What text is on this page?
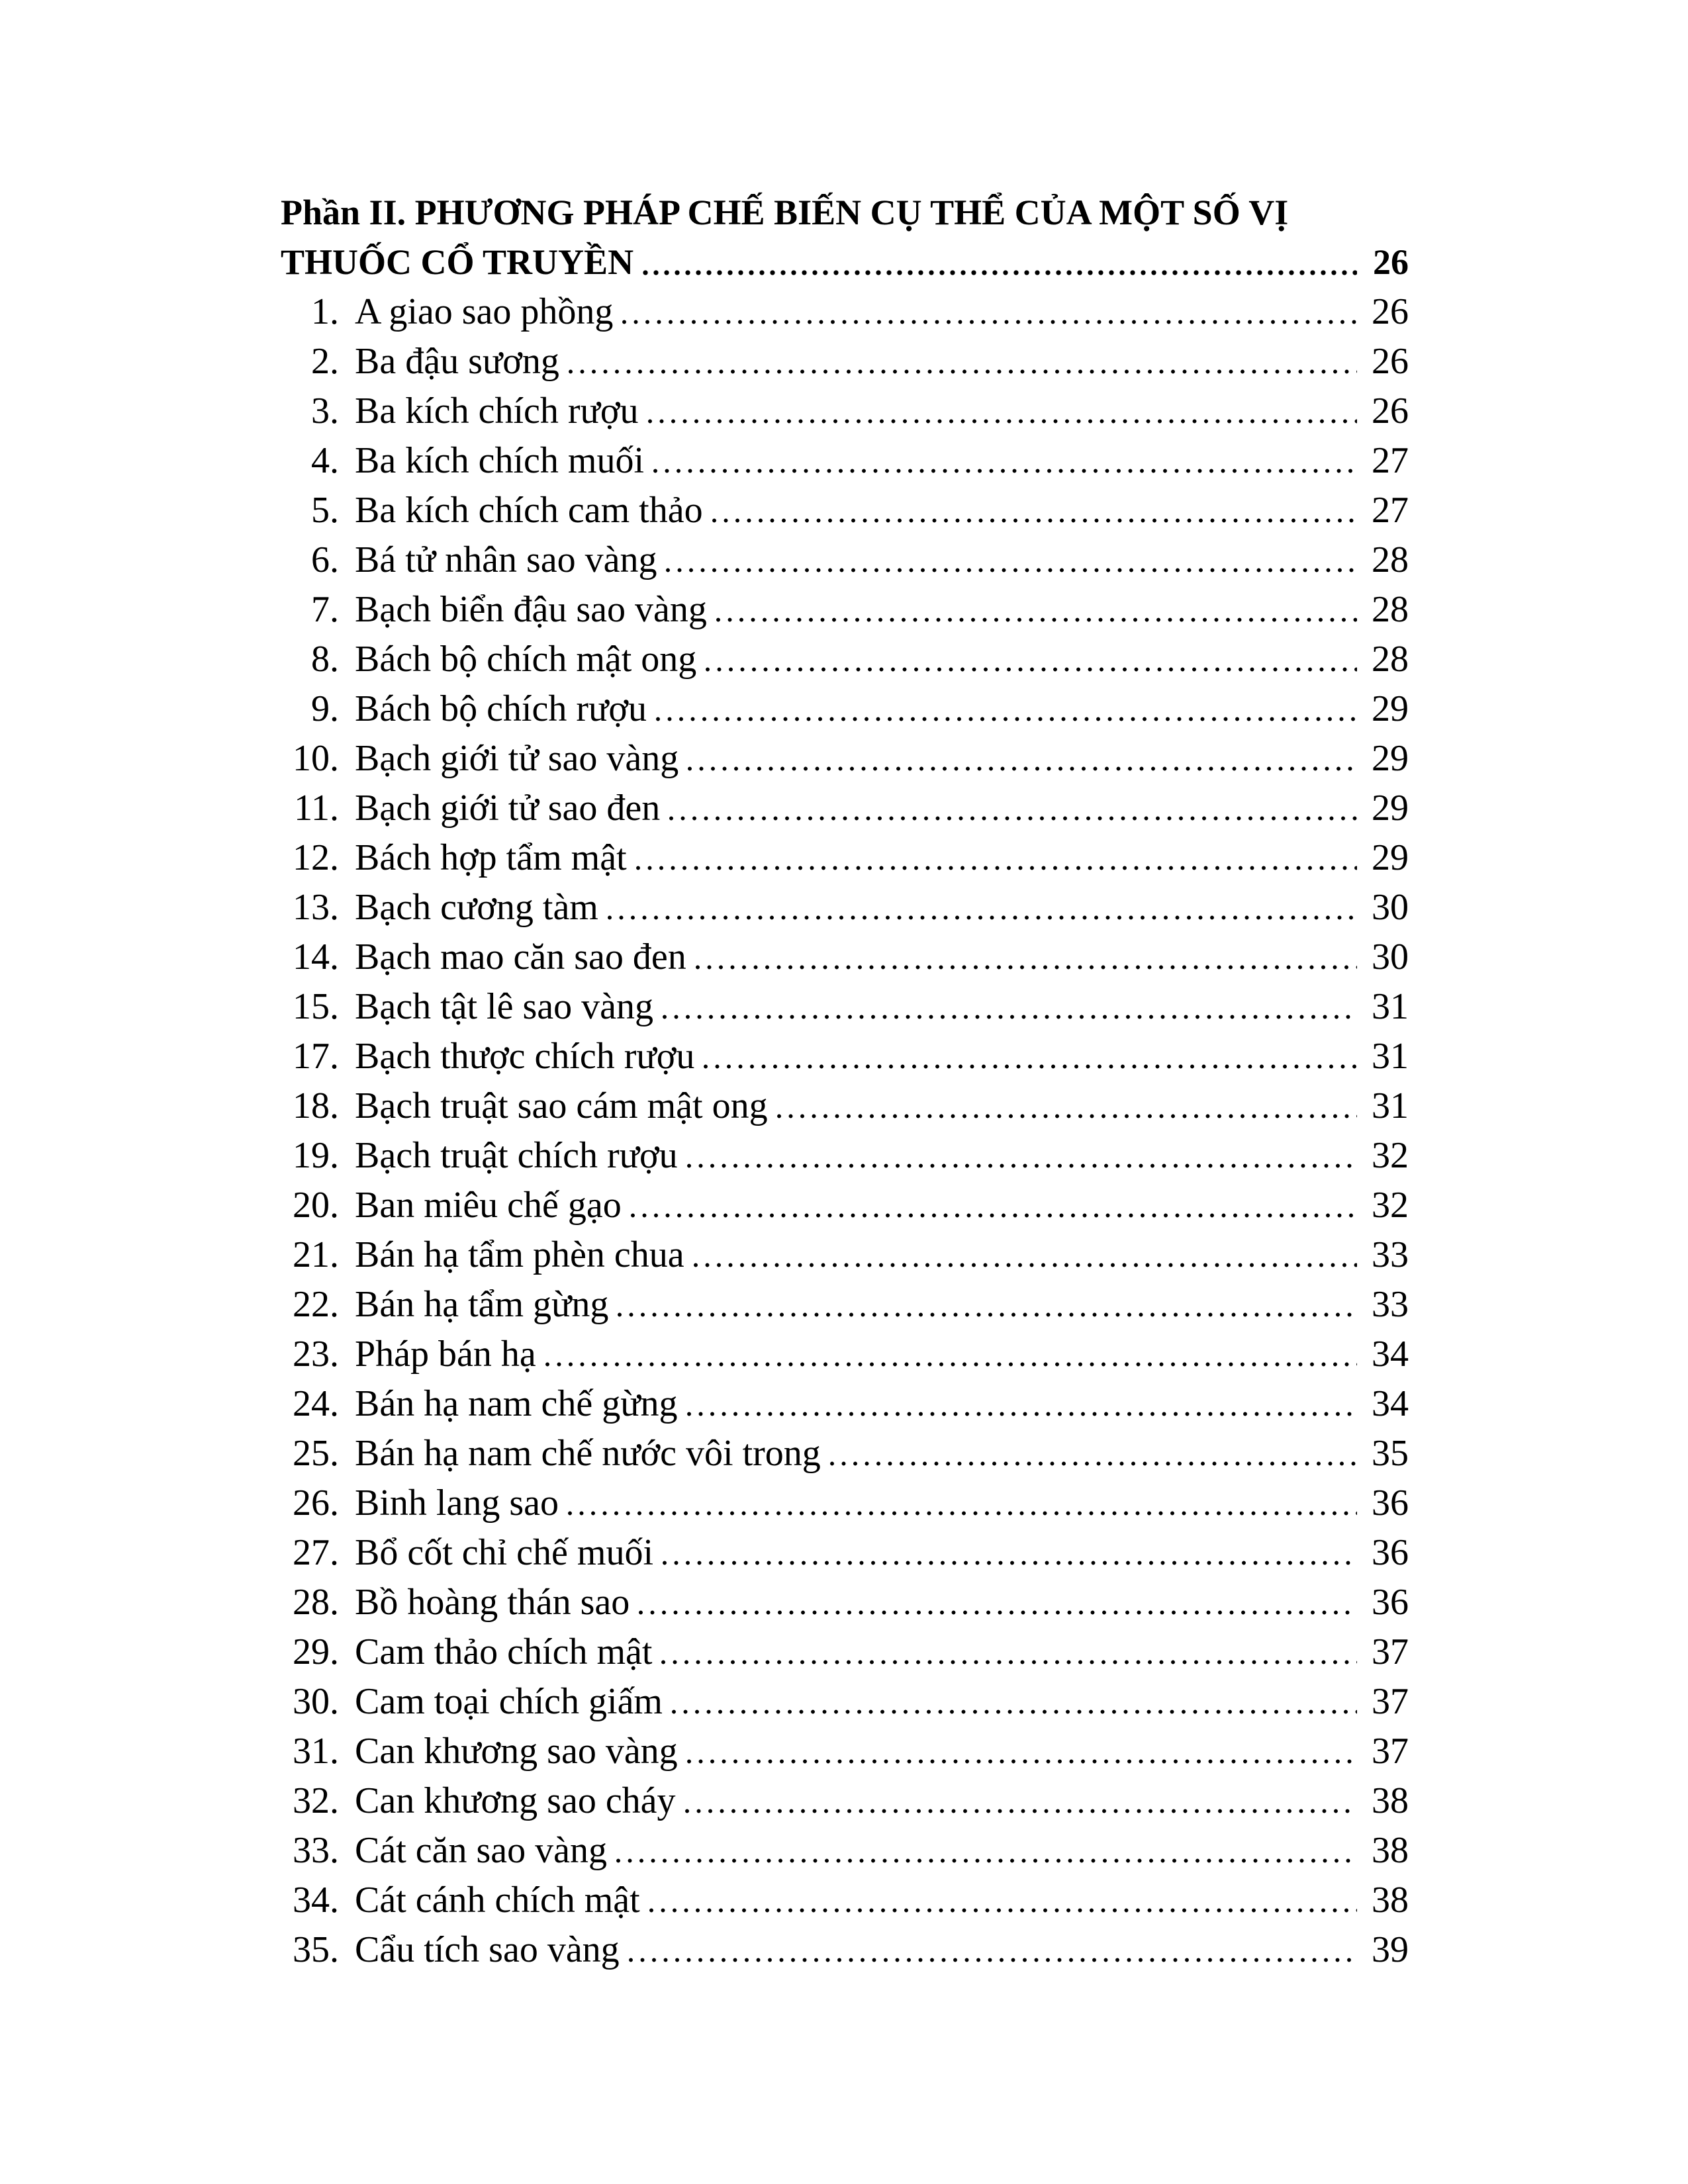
Phần II. PHƯƠNG PHÁP CHẾ BIẾN CỤ THỂ CỦA MỘT SỐ VỊ
THUỐC CỔ TRUYỀN	26
1. A giao sao phồng	26
2. Ba đậu sương	26
3. Ba kích chích rượu	26
4. Ba kích chích muối	27
5. Ba kích chích cam thảo	27
6. Bá tử nhân sao vàng	28
7. Bạch biển đậu sao vàng	28
8. Bách bộ chích mật ong	28
9. Bách bộ chích rượu	29
10. Bạch giới tử sao vàng	29
11. Bạch giới tử sao đen	29
12. Bách hợp tẩm mật	29
13. Bạch cương tàm	30
14. Bạch mao căn sao đen	30
15. Bạch tật lê sao vàng	31
17. Bạch thược chích rượu	31
18. Bạch truật sao cám mật ong	31
19. Bạch truật chích rượu	32
20. Ban miêu chế gạo	32
21. Bán hạ tẩm phèn chua	33
22. Bán hạ tẩm gừng	33
23. Pháp bán hạ	34
24. Bán hạ nam chế gừng	34
25. Bán hạ nam chế nước vôi trong	35
26. Binh lang sao	36
27. Bổ cốt chỉ chế muối	36
28. Bồ hoàng thán sao	36
29. Cam thảo chích mật	37
30. Cam toại chích giấm	37
31. Can khương sao vàng	37
32. Can khương sao cháy	38
33. Cát căn sao vàng	38
34. Cát cánh chích mật	38
35. Cẩu tích sao vàng	39
